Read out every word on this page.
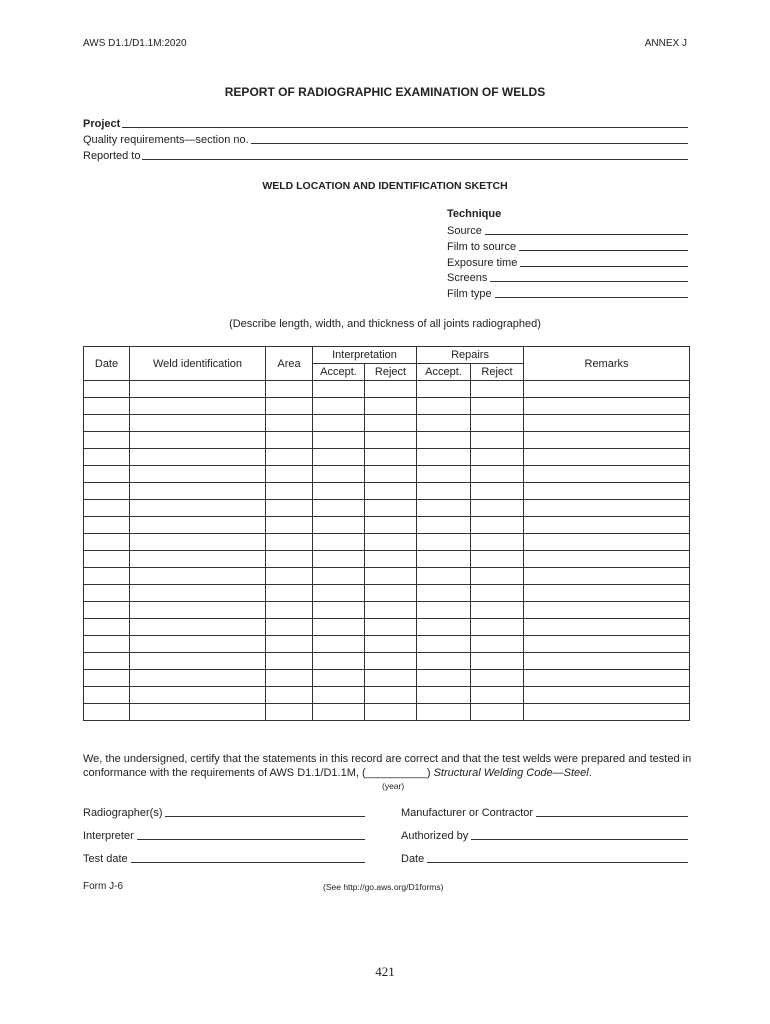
AWS D1.1/D1.1M:2020	ANNEX J
REPORT OF RADIOGRAPHIC EXAMINATION OF WELDS
Project
Quality requirements—section no.
Reported to
WELD LOCATION AND IDENTIFICATION SKETCH
Technique
Source
Film to source
Exposure time
Screens
Film type
(Describe length, width, and thickness of all joints radiographed)
Date	Weld identification	Area	Interpretation		Repairs		Remarks
			Accept.	Reject	Accept.	Reject	

We, the undersigned, certify that the statements in this record are correct and that the test welds were prepared and tested in
conformance with the requirements of AWS D1.1/D1.1M, (__________) Structural Welding Code—Steel.
(year)
Radiographer(s)	Manufacturer or Contractor
Interpreter	Authorized by
Test date	Date
Form J-6	(See http://go.aws.org/D1forms)
421
